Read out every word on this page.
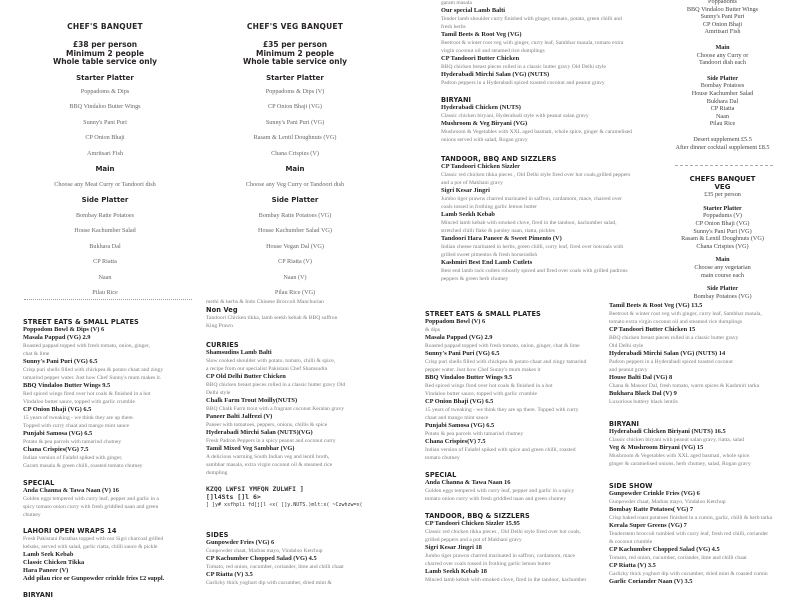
CHEF'S BANQUET
£38 per person
Minimum 2 people
Whole table service only
Starter Platter
Poppadoms & Dips
BBQ Vindaloo Butter Wings
Sunny's Pani Puri
CP Onion Bhaji
Amritsari Fish
Main
Choose any Meat Curry or Tandoori dish
Side Platter
Bombay Ratte Potatoes
House Kachumber Salad
Bukhara Dal
CP Riatta
Naan
Pilau Rice
CHEF'S VEG BANQUET
£35 per person
Minimum 2 people
Whole table service only
Starter Platter
Poppadoms & Dips (V)
CP Onion Bhaji (VG)
Sunny's Pani Puri (VG)
Rasam & Lentil Doughnuts (VG)
Chana Crispies (V)
Main
Choose any Veg Curry or Tandoori dish
Side Platter
Bombay Ratte Potatoes (VG)
House Kachumber Salad VG)
House Vegan Dal (VG)
CP Riatta (V)
Naan (V)
Pilau Rice (VG)
STREET EATS & SMALL PLATES
Poppodom Bowl & Dips (V) 6
Masala Pappad (VG) 2.9
Roasted pappad topped with fresh tomato, onion, ginger,
chat & lime
Sunny's Pani Puri (VG) 6.5
Crisp puri shells filled with chickpea & potato chaat and zingy
tamarind pepper water. Just how Chef Sunny's mum makes it.
BBQ Vindaloo Butter Wings 9.5
Red spiced wings fired over hot coals & finished in a hot
Vindaloo butter sauce, topped with garlic crumble
CP Onion Bhaji (VG) 6.5
15 years of tweaking - we think they are up there.
Topped with curry chaat and mango mint sauce
Punjabi Samosa (VG) 6.5
Potato & pea parcels with tamarind chutney
Chana Crispies(VG) 7.5
Indian version of Falafel spiked with ginger,
Garam masala & green chilli, roasted tomato chutney
SPECIAL
Anda Channa & Tawa Naan (V) 16
Golden eggs tempered with curry leaf, pepper and garlic in a
spicy tomato onion curry with fresh griddled naan and green
chutney
LAHORI OPEN WRAPS 14
Fresh Pakistani Parathas topped with our Sigri charcoal grilled
kebabs, served with salad, garlic riatta, chilli sauce & pickle
Lamb Seek Kebab
Classic Chicken Tikka
Hara Paneer (V)
Add pilau rice or Gunpowder crinkle fries £2 suppl.
BIRYANI
methi & herbs & Indo Chinese Broccoli Manchurian
Non Veg
Tandoori Chicken tikka, lamb seekh kebab & BBQ saffron
King Prawn
CURRIES
Shamsudins Lamb Balti
Slow cooked shoulder with potato, tomato, chilli & spice,
a recipe from our specialist Pakistani Chef Shamsudin
CP Old Delhi Butter Chicken
BBQ chicken breast pieces rolled in a classic butter gravy Old
Delhi style
Chalk Farm Trout Moilly(NUTS)
BBQ Chalk Farm trout with a fragrant coconut Keralan gravy
Paneer Balti Jalfrezi (V)
Paneer with tomatoes, peppers, onions, chillis & spice
Hyderabadi Mirchi Salan (NUTS)(VG)
Fresh Padron Peppers in a spicy peanut and coconut curry
Tamil Mixed Veg Sambhar (VG)
A delicious warming South Indian veg and lentil broth,
sambhar masala, extra virgin coconut oil & steamed rice
dumpling
KZQQ LWFSI YMFQN ZULWFI ]
[]l4Sts []l 6>
] ]y# xsfhpli fd[j]l «x( []y.NUTS.)mlt:x( ~Czwhzw=x(
SIDES
Gunpowder Fries (VG) 6
Gunpowder chaat, Madras mayo, Vindaloo Ketchup
CP Kachumber Chopped Salad (VG) 4.5
Tomato, red onion, cucumber, coriander, lime and chilli chaat
CP Riatta (V) 3.5
Garlicky thick yoghurt dip with cucumber, dried mint &
garam masala
Our special Lamb Balti
Tender lamb shoulder curry finished with ginger, tomato, potato, green chilli and
fresh herbs
Tamil Beets & Root Veg (VG)
Beetroot & winter root veg with ginger, curry leaf, Sambhar masala, tomato extra
virgin coconut oil and steamed rice dumplings
CP Tandoori Butter Chicken
BBQ chicken breast pieces rolled in a classic butter gravy Old Delhi style
Hyderabadi Mirchi Salan (VG) (NUTS)
Padron peppers in a Hyderabadi spiced toasted coconut and peanut gravy
BIRYANI
Hyderabadi Chicken (NUTS)
Classic chicken biryani, Hyderabadi style with peanut salan gravy
Mushroom & Veg Biryani (VG)
Mushroom & Vegetables with XXL aged basmati, whole spice, ginger & caramelised
onions served with salad, Rogan gravy
TANDOOR, BBQ AND SIZZLERS
CP Tandoori Chicken Sizzler
Classic red chicken tikka pieces , Old Delhi style fired over hot coals,grilled peppers
and a pot of Makhani gravy
Sigri Kesar Jingri
Jumbo tiger prawns charred marinated in saffron, cardamom, mace, charred over
coals tossed in frothing garlic lemon butter
Lamb Seekh Kebab
Minced lamb kebab with smoked clove, fired in the tandoor, kachumber salad,
stretched chilli flake & parsley naan, riatta, pickles
Tandoori Hara Paneer & Sweet Pimento (V)
Indian cheese marinated in herbs, green chilli, curry leaf, fired over hotcoals with
grilled sweet pimentos & fresh horseradish
Kashmiri Best End Lamb Cutlets
Best end lamb rack cutlets robustly spiced and fired over coals with grilled padrons
peppers & green herb chutney
STREET EATS & SMALL PLATES
Poppadom Bowl (V) 6
& dips
Masala Pappad (VG) 2.9
Roasted pappad topped with fresh tomato, onion, ginger, chat & lime
Sunny's Pani Puri (VG) 6.5
Crisp puri shells filled with chickpea & potato chaat and zingy tamarind
pepper water. Just how Chef Sunny's mum makes it
BBQ Vindaloo Butter Wings 9.5
Red spiced wings fired over hot coals & finished in a hot
Vindaloo butter sauce, topped with garlic crumble
CP Onion Bhaji (VG) 6.5
15 years of tweaking - we think they are up there. Topped with curry
chaat and mango mint sauce
Punjabi Samosa (VG) 6.5
Potato & pea parcels with tamarind chutney
Chana Crispies(V) 7.5
Indian version of Falafel spiked with spice and green chilli, roasted
tomato chutney
SPECIAL
Anda Channa & Tawa Naan 16
Golden eggs tempered with curry leaf, pepper and garlic in a spicy
tomato onion curry with fresh griddled naan and green chutney
TANDOOR, BBQ & SIZZLERS
CP Tandoori Chicken Sizzler 15.95
Classic red chicken tikka pieces , Old Delhi style fired over hot coals,
grilled peppers and a pot of Makhani gravy
Sigri Kesar Jingri 18
Jumbo tiger prawns charred marinated in saffron, cardamom, mace
charred over coals tossed in frothing garlic lemon butter
Lamb Seekh Kebab 18
Minced lamb kebab with smoked clove, fired in the tandoor, kachumber
Poppadoms
BBQ Vindaloo Butter Wings
Sunny's Pani Puri
CP Onion Bhaji
Amritsari Fish
Main
Choose any Curry or
Tandoori dish each
Side Platter
Bombay Potatoes
House Kachumber Salad
Bukhara Dal
CP Riatta
Naan
Pilau Rice
Desert supplement £5.5
After dinner cocktail supplement £8.5
CHEFS BANQUET
VEG
£35 per person
Starter Platter
Poppadums (V)
CP Onion Bhaji (VG)
Sunny's Pani Puri (VG)
Rasam & Lentil Doughnuts (VG)
Chana Crispies (VG)
Main
Choose any vegetarian
main course each
Side Platter
Bombay Potatoes (VG)
Tamil Beets & Root Veg (VG) 13.5
Beetroot & winter root veg with ginger, curry leaf, Sambhar masala,
tomato extra virgin coconut oil and steamed rice dumplings
CP Tandoori Butter Chicken 15
BBQ chicken breast pieces rolled in a classic butter gravy
Old Delhi style
Hyderabadi Mirchi Salan (VG) (NUTS) 14
Padron peppers in a Hyderabadi spiced toasted coconut
and peanut gravy
House Balti Dal (VG) 8
Chana & Masoor Dal, fresh tomato, warm spices & Kashmiri tarka
Bukhara Black Dal (V) 9
Luxurious buttery black lentils
BIRYANI
Hyderabadi Chicken Biriyani (NUTS) 16.5
Classic chicken biryani with peanut salan gravy, riatta, salad
Veg & Mushroom Biryani (VG) 15
Mushroom & Vegetables with XXL aged basmati, whole spice.
ginger & caramelised onions, herb chutney, salad, Rogan gravy
SIDE SHOW
Gunpowder Crinkle Fries (VG) 6
Gunpowder chaat, Madras mayo, Vindaloo Ketchup
Bombay Ratte Potatoes( VG) 7
Crisp baked roast potatoes finished in a cumin, garlic, chilli & herb tarka
Kerala Super Greens (VG) 7
Tenderstem broccoli tumbled with curry leaf, fresh red chilli, coriander
& coconut crumble
CP Kachumber Chopped Salad (VG) 4.5
Tomato, red onion, cucumber, coriander, lime and chilli chaat
CP Riatta (V) 3.5
Garlicky thick yoghurt dip with cucumber, dried mint & roasted cumin
Garlic Coriander Naan (V) 3.5
